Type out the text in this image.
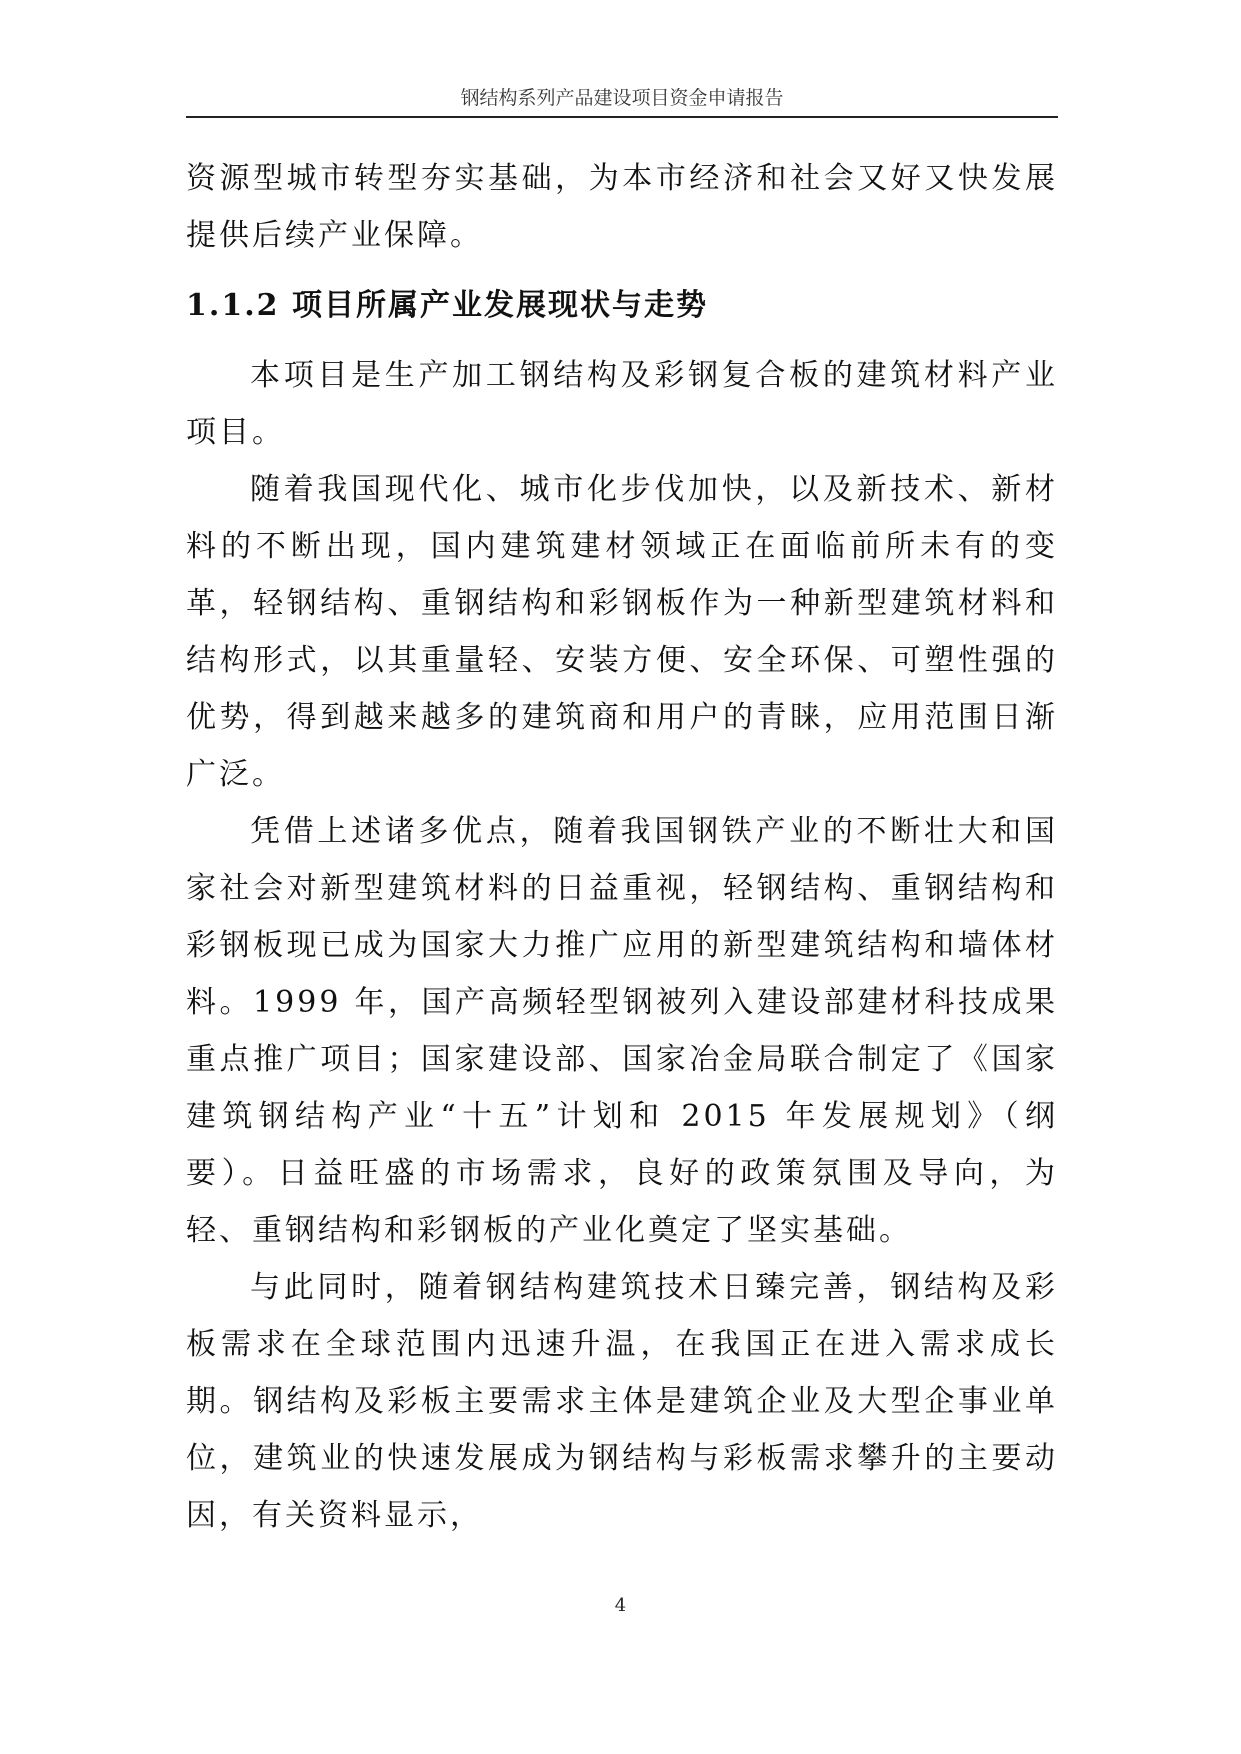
钢结构系列产品建设项目资金申请报告

资源型城市转型夯实基础，为本市经济和社会又好又快发展提供后续产业保障。

1.1.2 项目所属产业发展现状与走势

本项目是生产加工钢结构及彩钢复合板的建筑材料产业项目。

随着我国现代化、城市化步伐加快，以及新技术、新材料的不断出现，国内建筑建材领域正在面临前所未有的变革，轻钢结构、重钢结构和彩钢板作为一种新型建筑材料和结构形式，以其重量轻、安装方便、安全环保、可塑性强的优势，得到越来越多的建筑商和用户的青睐，应用范围日渐广泛。

凭借上述诸多优点，随着我国钢铁产业的不断壮大和国家社会对新型建筑材料的日益重视，轻钢结构、重钢结构和彩钢板现已成为国家大力推广应用的新型建筑结构和墙体材料。1999 年，国产高频轻型钢被列入建设部建材科技成果重点推广项目；国家建设部、国家冶金局联合制定了《国家建筑钢结构产业“十五”计划和 2015 年发展规划》（纲要）。日益旺盛的市场需求，良好的政策氛围及导向，为轻、重钢结构和彩钢板的产业化奠定了坚实基础。

与此同时，随着钢结构建筑技术日臻完善，钢结构及彩板需求在全球范围内迅速升温，在我国正在进入需求成长期。钢结构及彩板主要需求主体是建筑企业及大型企事业单位，建筑业的快速发展成为钢结构与彩板需求攀升的主要动因，有关资料显示，

4
